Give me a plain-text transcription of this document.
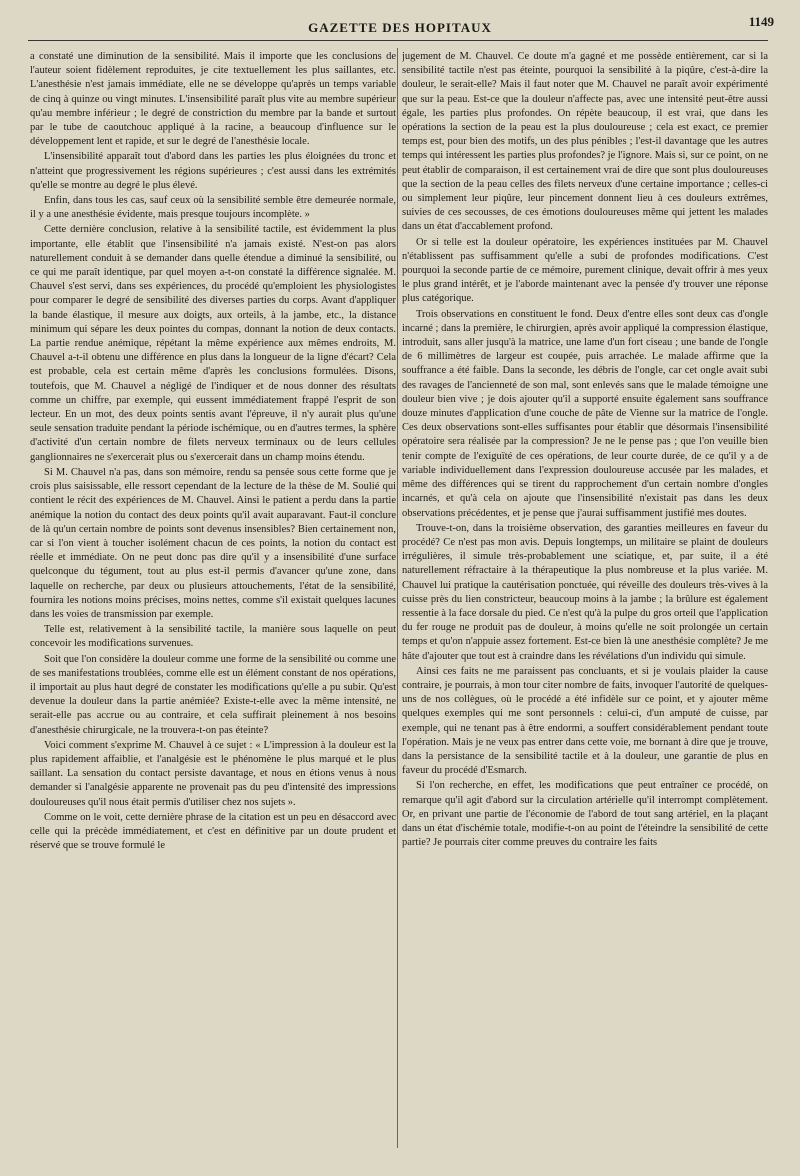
GAZETTE DES HOPITAUX	1149

a constaté une diminution de la sensibilité. Mais il importe que les conclusions de l'auteur soient fidèlement reproduites, je cite textuellement les plus saillantes, etc. L'anesthésie n'est jamais immédiate, elle ne se développe qu'après un temps variable de cinq à quinze ou vingt minutes. L'insensibilité paraît plus vite au membre supérieur qu'au membre inférieur ; le degré de constriction du membre par la bande et surtout par le tube de caoutchouc appliqué à la racine, a beaucoup d'influence sur le développement lent et rapide, et sur le degré de l'anesthésie locale.

L'insensibilité apparaît tout d'abord dans les parties les plus éloignées du tronc et n'atteint que progressivement les régions supérieures ; c'est aussi dans les extrémités qu'elle se montre au degré le plus élevé.

Enfin, dans tous les cas, sauf ceux où la sensibilité semble être demeurée normale, il y a une anesthésie évidente, mais presque toujours incomplète. »

Cette dernière conclusion, relative à la sensibilité tactile, est évidemment la plus importante, elle établit que l'insensibilité n'a jamais existé. N'est-on pas alors naturellement conduit à se demander dans quelle étendue a diminué la sensibilité, ou ce qui me paraît identique, par quel moyen a-t-on constaté la différence signalée. M. Chauvel s'est servi, dans ses expériences, du procédé qu'emploient les physiologistes pour comparer le degré de sensibilité des diverses parties du corps. Avant d'appliquer la bande élastique, il mesure aux doigts, aux orteils, à la jambe, etc., la distance minimum qui sépare les deux pointes du compas, donnant la notion de deux contacts. La partie rendue anémique, répétant la même expérience aux mêmes endroits, M. Chauvel a-t-il obtenu une différence en plus dans la longueur de la ligne d'écart? Cela est probable, cela est certain même d'après les conclusions formulées. Disons, toutefois, que M. Chauvel a négligé de l'indiquer et de nous donner des résultats comme un chiffre, par exemple, qui eussent immédiatement frappé l'esprit de son lecteur. En un mot, des deux points sentis avant l'épreuve, il n'y aurait plus qu'une seule sensation traduite pendant la période ischémique, ou en d'autres termes, la sphère d'activité d'un certain nombre de filets nerveux terminaux ou de leurs cellules ganglionnaires ne s'exercerait plus ou s'exercerait dans un champ moins étendu.

Si M. Chauvel n'a pas, dans son mémoire, rendu sa pensée sous cette forme que je crois plus saisissable, elle ressort cependant de la lecture de la thèse de M. Soulié qui contient le récit des expériences de M. Chauvel. Ainsi le patient a perdu dans la partie anémique la notion du contact des deux points qu'il avait auparavant. Faut-il conclure de là qu'un certain nombre de points sont devenus insensibles? Bien certainement non, car si l'on vient à toucher isolément chacun de ces points, la notion du contact est réelle et immédiate. On ne peut donc pas dire qu'il y a insensibilité d'une surface quelconque du tégument, tout au plus est-il permis d'avancer qu'une zone, dans laquelle on recherche, par deux ou plusieurs attouchements, l'état de la sensibilité, fournira les notions moins précises, moins nettes, comme s'il existait quelques lacunes dans les voies de transmission par exemple.

Telle est, relativement à la sensibilité tactile, la manière sous laquelle on peut concevoir les modifications survenues.

Soit que l'on considère la douleur comme une forme de la sensibilité ou comme une de ses manifestations troublées, comme elle est un élément constant de nos opérations, il importait au plus haut degré de constater les modifications qu'elle a pu subir. Qu'est devenue la douleur dans la partie anémiée? Existe-t-elle avec la même intensité, ne serait-elle pas accrue ou au contraire, et cela suffirait pleinement à nos besoins d'anesthésie chirurgicale, ne la trouvera-t-on pas éteinte?

Voici comment s'exprime M. Chauvel à ce sujet : « L'impression à la douleur est la plus rapidement affaiblie, et l'analgésie est le phénomène le plus marqué et le plus saillant. La sensation du contact persiste davantage, et nous en étions venus à nous demander si l'analgésie apparente ne provenait pas du peu d'intensité des impressions douloureuses qu'il nous était permis d'utiliser chez nos sujets ».

Comme on le voit, cette dernière phrase de la citation est un peu en désaccord avec celle qui la précède immédiatement, et c'est en définitive par un doute prudent et réservé que se trouve formulé le

jugement de M. Chauvel. Ce doute m'a gagné et me possède entièrement, car si la sensibilité tactile n'est pas éteinte, pourquoi la sensibilité à la piqûre, c'est-à-dire la douleur, le serait-elle? Mais il faut noter que M. Chauvel ne paraît avoir expérimenté que sur la peau. Est-ce que la douleur n'affecte pas, avec une intensité peut-être aussi égale, les parties plus profondes. On répète beaucoup, il est vrai, que dans les opérations la section de la peau est la plus douloureuse ; cela est exact, ce premier temps est, pour bien des motifs, un des plus pénibles ; l'est-il davantage que les autres temps qui intéressent les parties plus profondes? je l'ignore. Mais si, sur ce point, on ne peut établir de comparaison, il est certainement vrai de dire que sont plus douloureuses que la section de la peau celles des filets nerveux d'une certaine importance ; celles-ci ou simplement leur piqûre, leur pincement donnent lieu à ces douleurs extrêmes, suivies de ces secousses, de ces émotions douloureuses même qui jettent les malades dans un état d'accablement profond.

Or si telle est la douleur opératoire, les expériences instituées par M. Chauvel n'établissent pas suffisamment qu'elle a subi de profondes modifications. C'est pourquoi la seconde partie de ce mémoire, purement clinique, devait offrir à mes yeux le plus grand intérêt, et je l'aborde maintenant avec la pensée d'y trouver une réponse plus catégorique.

Trois observations en constituent le fond. Deux d'entre elles sont deux cas d'ongle incarné ; dans la première, le chirurgien, après avoir appliqué la compression élastique, introduit, sans aller jusqu'à la matrice, une lame d'un fort ciseau ; une bande de l'ongle de 6 millimètres de largeur est coupée, puis arrachée. Le malade affirme que la souffrance a été faible. Dans la seconde, les débris de l'ongle, car cet ongle avait subi des ravages de l'ancienneté de son mal, sont enlevés sans que le malade témoigne une douleur bien vive ; je dois ajouter qu'il a supporté ensuite également sans souffrance douze minutes d'application d'une couche de pâte de Vienne sur la matrice de l'ongle. Ces deux observations sont-elles suffisantes pour établir que désormais l'insensibilité opératoire sera réalisée par la compression? Je ne le pense pas ; que l'on veuille bien tenir compte de l'exiguïté de ces opérations, de leur courte durée, de ce qu'il y a de variable individuellement dans l'expression douloureuse accusée par les malades, et même des différences qui se tirent du rapprochement d'un certain nombre d'ongles incarnés, et qu'à cela on ajoute que l'insensibilité n'existait pas dans les deux observations précédentes, et je pense que j'aurai suffisamment justifié mes doutes.

Trouve-t-on, dans la troisième observation, des garanties meilleures en faveur du procédé? Ce n'est pas mon avis. Depuis longtemps, un militaire se plaint de douleurs irrégulières, il simule très-probablement une sciatique, et, par suite, il a été naturellement réfractaire à la thérapeutique la plus nombreuse et la plus variée. M. Chauvel lui pratique la cautérisation ponctuée, qui réveille des douleurs très-vives à la cuisse près du lien constricteur, beaucoup moins à la jambe ; la brûlure est également ressentie à la face dorsale du pied. Ce n'est qu'à la pulpe du gros orteil que l'application du fer rouge ne produit pas de douleur, à moins qu'elle ne soit prolongée un certain temps et qu'on n'appuie assez fortement. Est-ce bien là une anesthésie complète? Je me hâte d'ajouter que tout est à craindre dans les révélations d'un individu qui simule.

Ainsi ces faits ne me paraissent pas concluants, et si je voulais plaider la cause contraire, je pourrais, à mon tour citer nombre de faits, invoquer l'autorité de quelques-uns de nos collègues, où le procédé a été infidèle sur ce point, et y ajouter même quelques exemples qui me sont personnels : celui-ci, d'un amputé de cuisse, par exemple, qui ne tenant pas à être endormi, a souffert considérablement pendant toute l'opération. Mais je ne veux pas entrer dans cette voie, me bornant à dire que je trouve, dans la persistance de la sensibilité tactile et à la douleur, une garantie de plus en faveur du procédé d'Esmarch.

Si l'on recherche, en effet, les modifications que peut entraîner ce procédé, on remarque qu'il agit d'abord sur la circulation artérielle qu'il interrompt complètement. Or, en privant une partie de l'économie de l'abord de tout sang artériel, en la plaçant dans un état d'ischémie totale, modifie-t-on au point de l'éteindre la sensibilité de cette partie? Je pourrais citer comme preuves du contraire les faits
